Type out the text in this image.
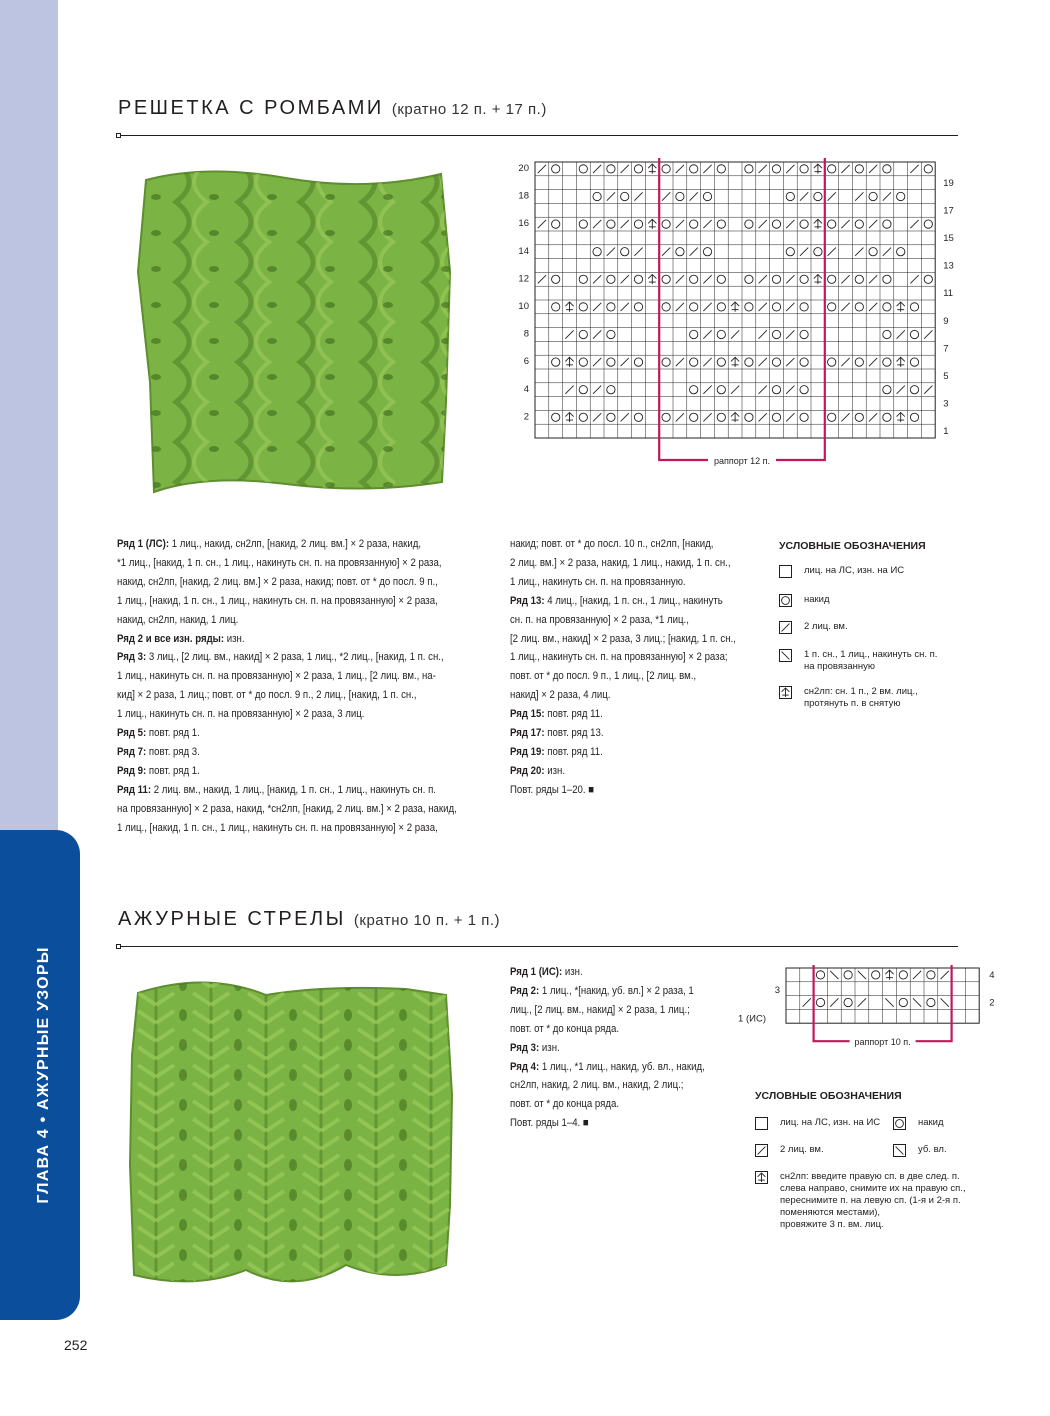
ГЛАВА 4 • АЖУРНЫЕ УЗОРЫ
252
РЕШЕТКА С РОМБАМИ (кратно 12 п. + 17 п.)
20
18
16
14
12
10
8
6
4
2
19
17
15
13
11
9
7
5
3
1
раппорт 12 п.

Ряд 1 (ЛС): 1 лиц., накид, сн2лп, [накид, 2 лиц. вм.] × 2 раза, накид,

*1 лиц., [накид, 1 п. сн., 1 лиц., накинуть сн. п. на провязанную] × 2 раза,

накид, сн2лп, [накид, 2 лиц. вм.] × 2 раза, накид; повт. от * до посл. 9 п.,

1 лиц., [накид, 1 п. сн., 1 лиц., накинуть сн. п. на провязанную] × 2 раза,

накид, сн2лп, накид, 1 лиц.

Ряд 2 и все изн. ряды: изн.

Ряд 3: 3 лиц., [2 лиц. вм., накид] × 2 раза, 1 лиц., *2 лиц., [накид, 1 п. сн.,

1 лиц., накинуть сн. п. на провязанную] × 2 раза, 1 лиц., [2 лиц. вм., на-

кид] × 2 раза, 1 лиц.; повт. от * до посл. 9 п., 2 лиц., [накид, 1 п. сн.,

1 лиц., накинуть сн. п. на провязанную] × 2 раза, 3 лиц.

Ряд 5: повт. ряд 1.

Ряд 7: повт. ряд 3.

Ряд 9: повт. ряд 1.

Ряд 11: 2 лиц. вм., накид, 1 лиц., [накид, 1 п. сн., 1 лиц., накинуть сн. п.

на провязанную] × 2 раза, накид, *сн2лп, [накид, 2 лиц. вм.] × 2 раза, накид,

1 лиц., [накид, 1 п. сн., 1 лиц., накинуть сн. п. на провязанную] × 2 раза,

накид; повт. от * до посл. 10 п., сн2лп, [накид,

2 лиц. вм.] × 2 раза, накид, 1 лиц., накид, 1 п. сн.,

1 лиц., накинуть сн. п. на провязанную.

Ряд 13: 4 лиц., [накид, 1 п. сн., 1 лиц., накинуть

сн. п. на провязанную] × 2 раза, *1 лиц.,

[2 лиц. вм., накид] × 2 раза, 3 лиц.; [накид, 1 п. сн.,

1 лиц., накинуть сн. п. на провязанную] × 2 раза;

повт. от * до посл. 9 п., 1 лиц., [2 лиц. вм.,

накид] × 2 раза, 4 лиц.

Ряд 15: повт. ряд 11.

Ряд 17: повт. ряд 13.

Ряд 19: повт. ряд 11.

Ряд 20: изн.

Повт. ряды 1–20. ■

УСЛОВНЫЕ ОБОЗНАЧЕНИЯ

лиц. на ЛС, изн. на ИС

накид

2 лиц. вм.

1 п. сн., 1 лиц., накинуть сн. п.

на провязанную

сн2лп: сн. 1 п., 2 вм. лиц.,

протянуть п. в снятую

АЖУРНЫЕ СТРЕЛЫ (кратно 10 п. + 1 п.)

Ряд 1 (ИС): изн.

Ряд 2: 1 лиц., *[накид, уб. вл.] × 2 раза, 1

лиц., [2 лиц. вм., накид] × 2 раза, 1 лиц.;

повт. от * до конца ряда.

Ряд 3: изн.

Ряд 4: 1 лиц., *1 лиц., накид, уб. вл., накид,

сн2лп, накид, 2 лиц. вм., накид, 2 лиц.;

повт. от * до конца ряда.

Повт. ряды 1–4. ■

4
3
2
1 (ИС)
раппорт 10 п.
УСЛОВНЫЕ ОБОЗНАЧЕНИЯ

лиц. на ЛС, изн. на ИС	накид

2 лиц. вм.	уб. вл.

сн2лп: введите правую сп. в две след. п.

слева направо, снимите их на правую сп.,

переснимите п. на левую сп. (1-я и 2-я п.

поменяются местами),

провяжите 3 п. вм. лиц.
